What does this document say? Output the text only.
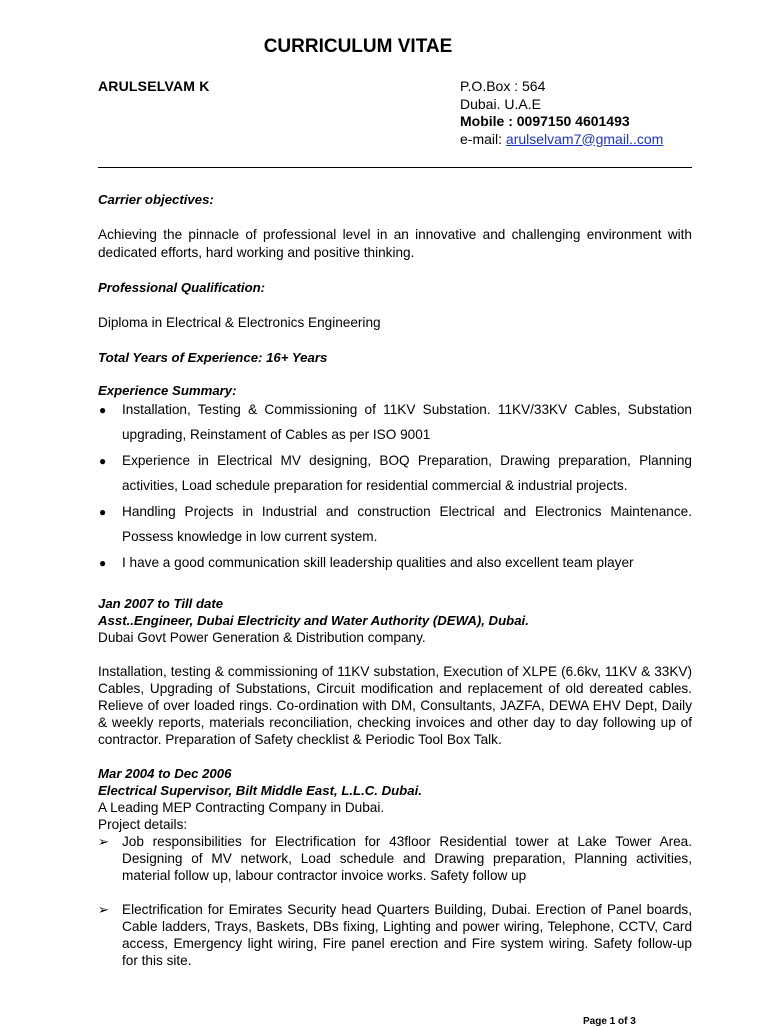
CURRICULUM VITAE
ARULSELVAM K	P.O.Box : 564
Dubai. U.A.E
Mobile : 0097150 4601493
e-mail: arulselvam7@gmail..com
Carrier objectives:
Achieving the pinnacle of professional level in an innovative and challenging environment with dedicated efforts, hard working and positive thinking.
Professional Qualification:
Diploma in Electrical & Electronics Engineering
Total Years of Experience: 16+ Years
Experience Summary:
● Installation, Testing & Commissioning of 11KV Substation. 11KV/33KV Cables, Substation upgrading, Reinstament of Cables as per ISO 9001
● Experience in Electrical MV designing, BOQ Preparation, Drawing preparation, Planning activities, Load schedule preparation for residential commercial & industrial projects.
● Handling Projects in Industrial and construction Electrical and Electronics Maintenance. Possess knowledge in low current system.
● I have a good communication skill leadership qualities and also excellent team player
Jan 2007 to Till date
Asst..Engineer, Dubai Electricity and Water Authority (DEWA), Dubai.
Dubai Govt Power Generation & Distribution company.
Installation, testing & commissioning of 11KV substation, Execution of XLPE (6.6kv, 11KV & 33KV) Cables, Upgrading of Substations, Circuit modification and replacement of old dereated cables. Relieve of over loaded rings. Co-ordination with DM, Consultants, JAZFA, DEWA EHV Dept, Daily & weekly reports, materials reconciliation, checking invoices and other day to day following up of contractor. Preparation of Safety checklist & Periodic Tool Box Talk.
Mar 2004 to Dec 2006
Electrical Supervisor, Bilt Middle East, L.L.C. Dubai.
A Leading MEP Contracting Company in Dubai.
Project details:
➢ Job responsibilities for Electrification for 43floor Residential tower at Lake Tower Area. Designing of MV network, Load schedule and Drawing preparation, Planning activities, material follow up, labour contractor invoice works. Safety follow up
➢ Electrification for Emirates Security head Quarters Building, Dubai. Erection of Panel boards, Cable ladders, Trays, Baskets, DBs fixing, Lighting and power wiring, Telephone, CCTV, Card access, Emergency light wiring, Fire panel erection and Fire system wiring. Safety follow-up for this site.
Page 1 of 3
